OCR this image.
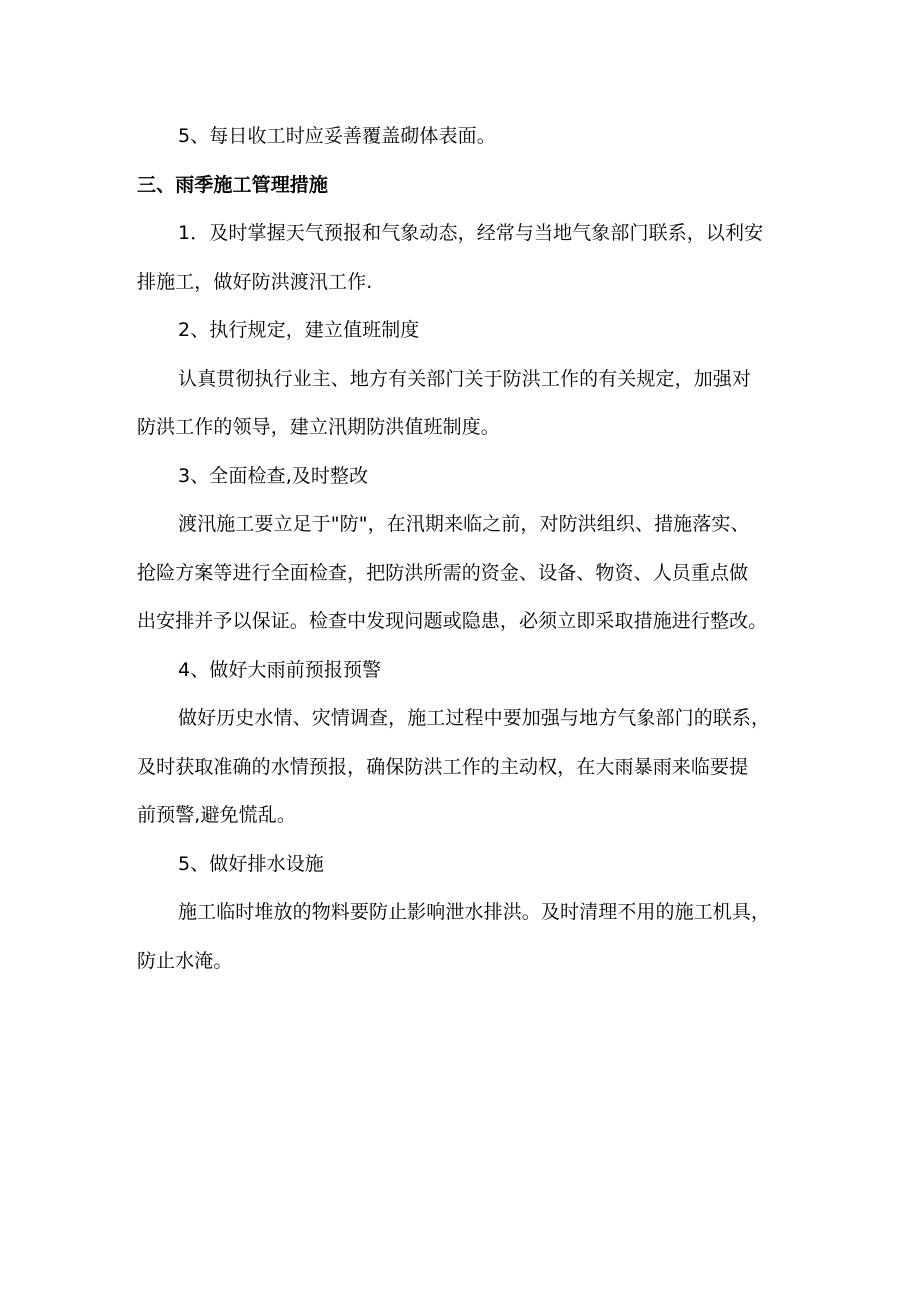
5、每日收工时应妥善覆盖砌体表面。
三、雨季施工管理措施
1．及时掌握天气预报和气象动态，经常与当地气象部门联系，以利安
排施工，做好防洪渡汛工作.
2、执行规定，建立值班制度
认真贯彻执行业主、地方有关部门关于防洪工作的有关规定，加强对
防洪工作的领导，建立汛期防洪值班制度。
3、全面检查,及时整改
渡汛施工要立足于"防"，在汛期来临之前，对防洪组织、措施落实、
抢险方案等进行全面检查，把防洪所需的资金、设备、物资、人员重点做
出安排并予以保证。检查中发现问题或隐患，必须立即采取措施进行整改。
4、做好大雨前预报预警
做好历史水情、灾情调查，施工过程中要加强与地方气象部门的联系，
及时获取准确的水情预报，确保防洪工作的主动权，在大雨暴雨来临要提
前预警,避免慌乱。
5、做好排水设施
施工临时堆放的物料要防止影响泄水排洪。及时清理不用的施工机具，
防止水淹。
